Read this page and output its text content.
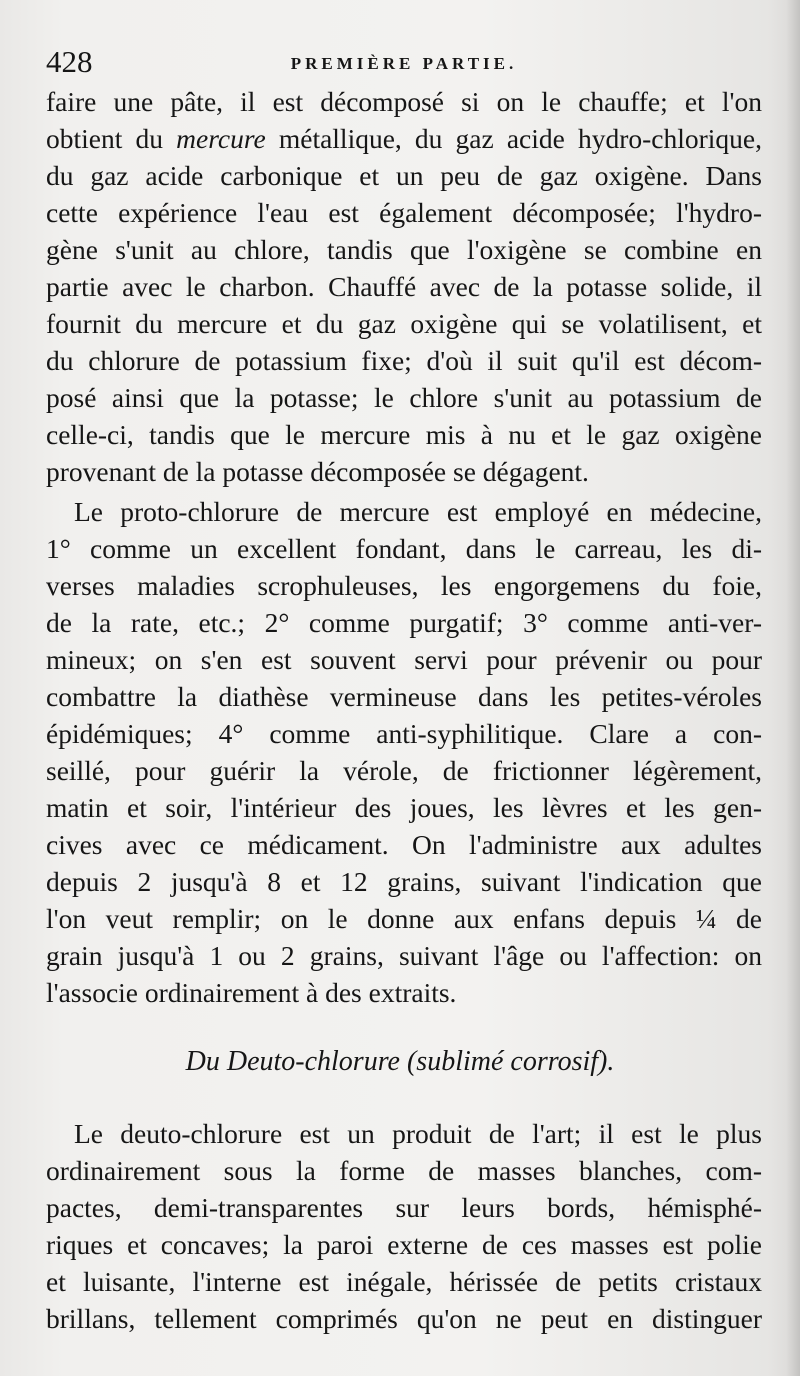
428	PREMIÈRE PARTIE.
faire une pâte, il est décomposé si on le chauffe; et l'on
obtient du mercure métallique, du gaz acide hydro-chlorique,
du gaz acide carbonique et un peu de gaz oxigène. Dans
cette expérience l'eau est également décomposée; l'hydro-
gène s'unit au chlore, tandis que l'oxigène se combine en
partie avec le charbon. Chauffé avec de la potasse solide, il
fournit du mercure et du gaz oxigène qui se volatilisent, et
du chlorure de potassium fixe; d'où il suit qu'il est décom-
posé ainsi que la potasse; le chlore s'unit au potassium de
celle-ci, tandis que le mercure mis à nu et le gaz oxigène
provenant de la potasse décomposée se dégagent.
Le proto-chlorure de mercure est employé en médecine,
1° comme un excellent fondant, dans le carreau, les di-
verses maladies scrophuleuses, les engorgemens du foie,
de la rate, etc.; 2° comme purgatif; 3° comme anti-ver-
mineux; on s'en est souvent servi pour prévenir ou pour
combattre la diathèse vermineuse dans les petites-véroles
épidémiques; 4° comme anti-syphilitique. Clare a con-
seillé, pour guérir la vérole, de frictionner légèrement,
matin et soir, l'intérieur des joues, les lèvres et les gen-
cives avec ce médicament. On l'administre aux adultes
depuis 2 jusqu'à 8 et 12 grains, suivant l'indication que
l'on veut remplir; on le donne aux enfans depuis ¼ de
grain jusqu'à 1 ou 2 grains, suivant l'âge ou l'affection: on
l'associe ordinairement à des extraits.
Du Deuto-chlorure (sublimé corrosif).
Le deuto-chlorure est un produit de l'art; il est le plus
ordinairement sous la forme de masses blanches, com-
pactes, demi-transparentes sur leurs bords, hémisphé-
riques et concaves; la paroi externe de ces masses est polie
et luisante, l'interne est inégale, hérissée de petits cristaux
brillans, tellement comprimés qu'on ne peut en distinguer
